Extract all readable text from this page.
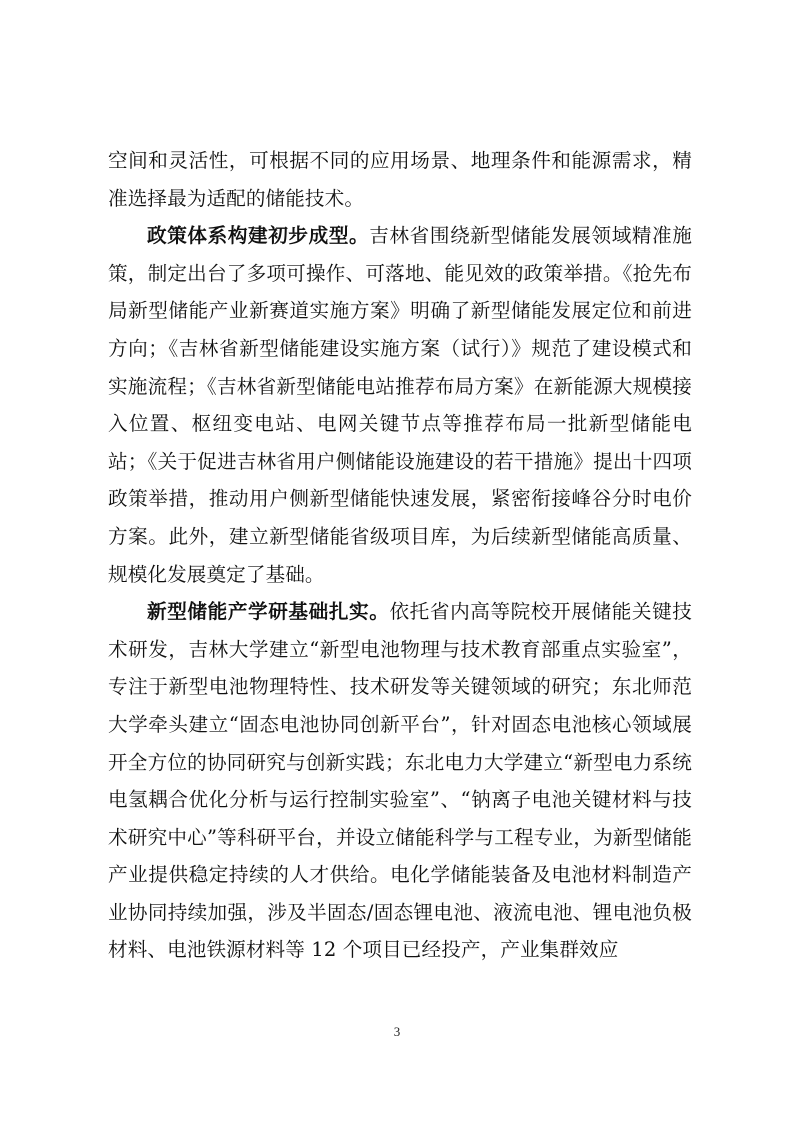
空间和灵活性，可根据不同的应用场景、地理条件和能源需求，精准选择最为适配的储能技术。

政策体系构建初步成型。吉林省围绕新型储能发展领域精准施策，制定出台了多项可操作、可落地、能见效的政策举措。《抢先布局新型储能产业新赛道实施方案》明确了新型储能发展定位和前进方向；《吉林省新型储能建设实施方案（试行）》规范了建设模式和实施流程；《吉林省新型储能电站推荐布局方案》在新能源大规模接入位置、枢纽变电站、电网关键节点等推荐布局一批新型储能电站；《关于促进吉林省用户侧储能设施建设的若干措施》提出十四项政策举措，推动用户侧新型储能快速发展，紧密衔接峰谷分时电价方案。此外，建立新型储能省级项目库，为后续新型储能高质量、规模化发展奠定了基础。

新型储能产学研基础扎实。依托省内高等院校开展储能关键技术研发，吉林大学建立“新型电池物理与技术教育部重点实验室”，专注于新型电池物理特性、技术研发等关键领域的研究；东北师范大学牵头建立“固态电池协同创新平台”，针对固态电池核心领域展开全方位的协同研究与创新实践；东北电力大学建立“新型电力系统电氢耦合优化分析与运行控制实验室”、“钠离子电池关键材料与技术研究中心”等科研平台，并设立储能科学与工程专业，为新型储能产业提供稳定持续的人才供给。电化学储能装备及电池材料制造产业协同持续加强，涉及半固态/固态锂电池、液流电池、锂电池负极材料、电池铁源材料等 12 个项目已经投产，产业集群效应

3
